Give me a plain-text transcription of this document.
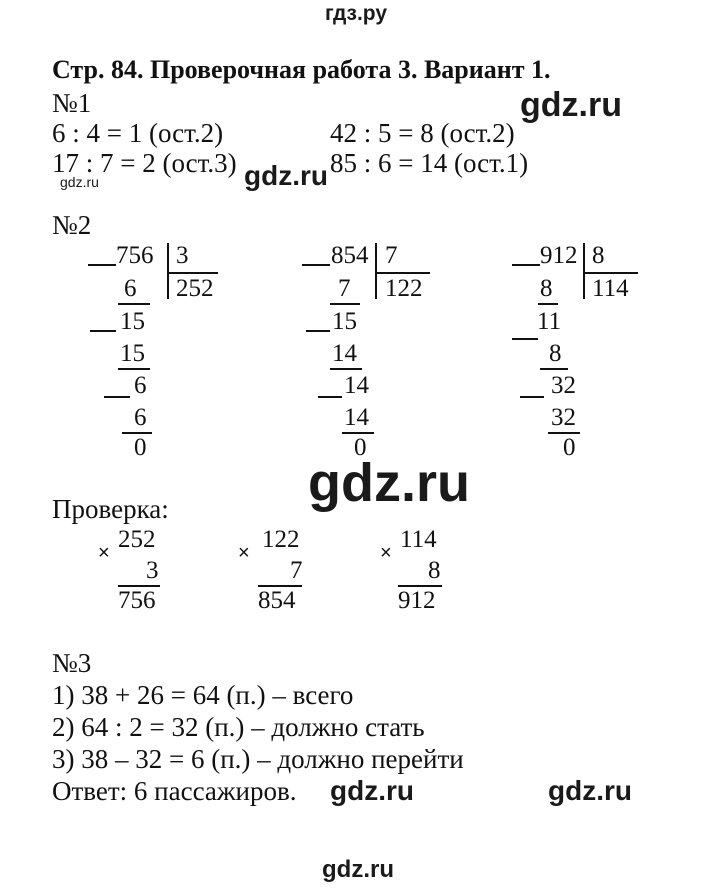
гдз.ру
Стр. 84. Проверочная работа 3. Вариант 1.
gdz.ru
№1
6 : 4 = 1 (ост.2)	42 : 5 = 8 (ост.2)
17 : 7 = 2 (ост.3)	85 : 6 = 14 (ост.1)
gdz.ru
gdz.ru
№2
756 3
252
6
15
15
6
6
0
854 7
122
7
15
14
14
14
0
912 8
114
8
11
8
32
32
0
gdz.ru
Проверка:
× 252
3
756
× 122
7
854
× 114
8
912
№3
1) 38 + 26 = 64 (п.) – всего
2) 64 : 2 = 32 (п.) – должно стать
3) 38 – 32 = 6 (п.) – должно перейти
Ответ: 6 пассажиров. gdz.ru	gdz.ru
gdz.ru
